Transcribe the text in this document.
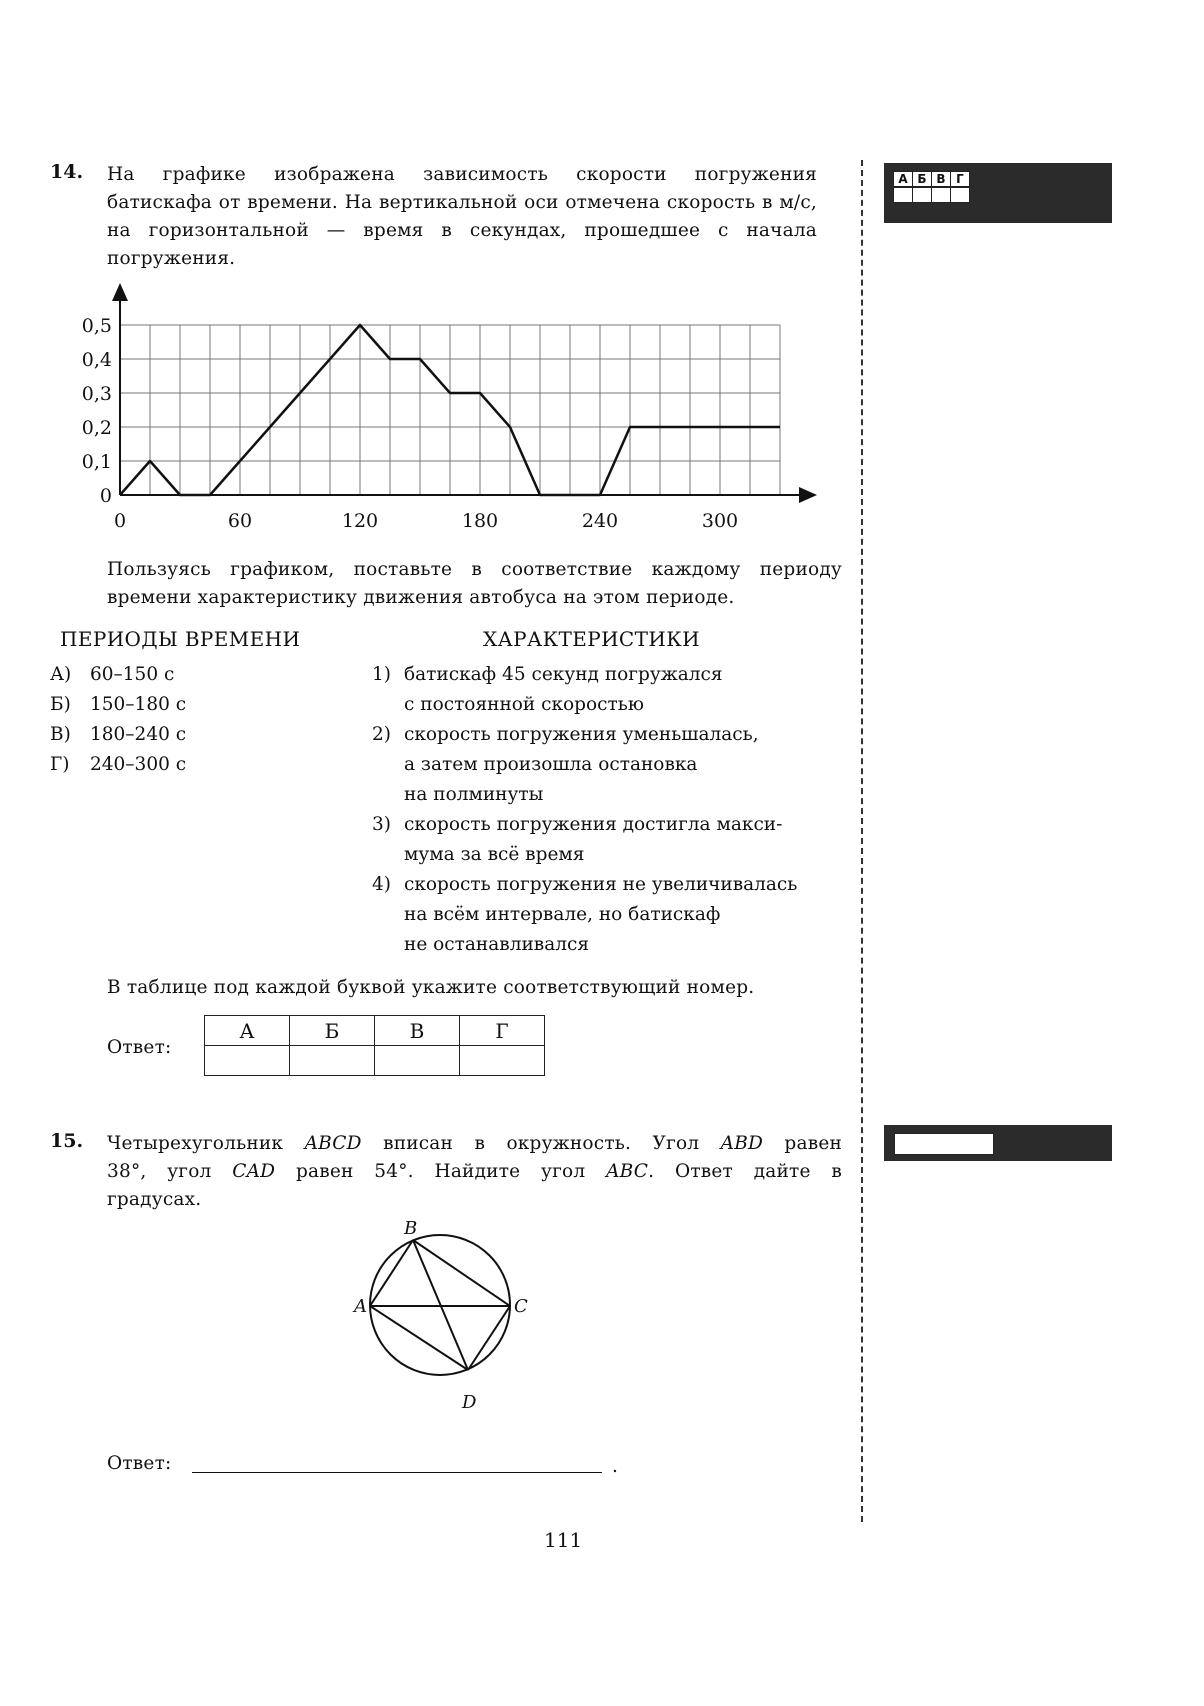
14. На графике изображена зависимость скорости погружения батискафа от времени. На вертикальной оси отмечена скорость в м/с, на горизонтальной — время в секундах, прошедшее с начала погружения.
0	60	120	180	240	300
0
0,1
0,2
0,3
0,4
0,5
Пользуясь графиком, поставьте в соответствие каждому периоду времени характеристику движения автобуса на этом периоде.
ПЕРИОДЫ ВРЕМЕНИ	ХАРАКТЕРИСТИКИ
А) 60–150 с
Б) 150–180 с
В) 180–240 с
Г) 240–300 с
1) батискаф 45 секунд погружался
с постоянной скоростью
2) скорость погружения уменьшалась,
а затем произошла остановка
на полминуты
3) скорость погружения достигла макси-
мума за всё время
4) скорость погружения не увеличивалась
на всём интервале, но батискаф
не останавливался
В таблице под каждой буквой укажите соответствующий номер.
Ответ:
А	Б	В	Г

15. Четырехугольник ABCD вписан в окружность. Угол ABD равен
38°, угол CAD равен 54°. Найдите угол ABC. Ответ дайте в
градусах.
A
B
C
D
Ответ:	.
111
А Б В Г
